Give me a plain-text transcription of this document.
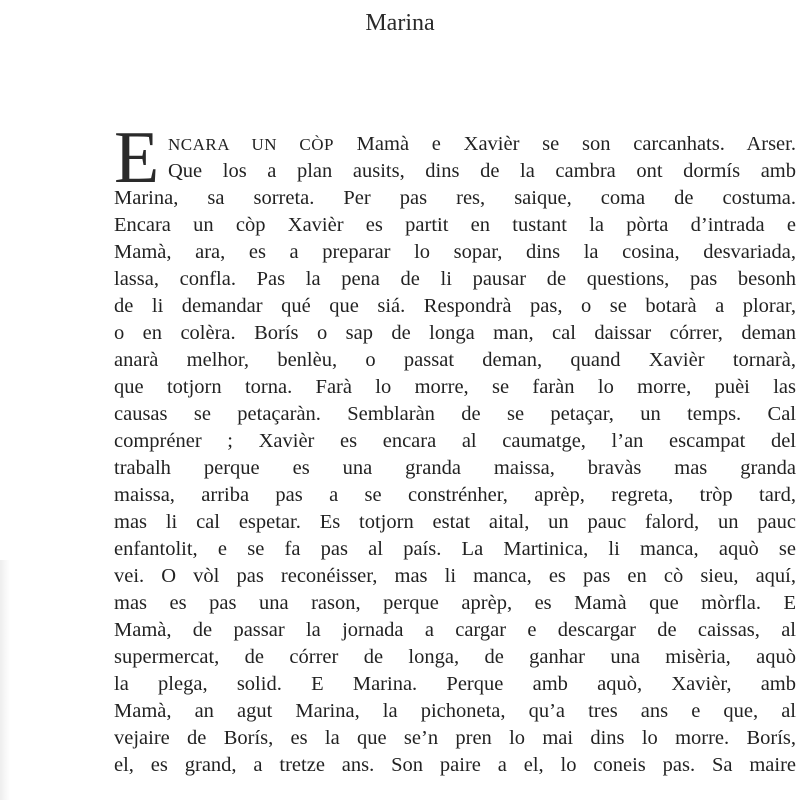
Marina
E NCARA UN CÒP Mamà e Xavièr se son carcanhats. Arser.
Que los a plan ausits, dins de la cambra ont dormís amb
Marina, sa sorreta. Per pas res, saique, coma de costuma.
Encara un còp Xavièr es partit en tustant la pòrta d’intrada e
Mamà, ara, es a preparar lo sopar, dins la cosina, desvariada,
lassa, confla. Pas la pena de li pausar de questions, pas besonh
de li demandar qué que siá. Respondrà pas, o se botarà a plorar,
o en colèra. Borís o sap de longa man, cal daissar córrer, deman
anarà melhor, benlèu, o passat deman, quand Xavièr tornarà,
que totjorn torna. Farà lo morre, se faràn lo morre, puèi las
causas se petaçaràn. Semblaràn de se petaçar, un temps. Cal
compréner ; Xavièr es encara al caumatge, l’an escampat del
trabalh perque es una granda maissa, bravàs mas granda
maissa, arriba pas a se constrénher, aprèp, regreta, tròp tard,
mas li cal espetar. Es totjorn estat aital, un pauc falord, un pauc
enfantolit, e se fa pas al país. La Martinica, li manca, aquò se
vei. O vòl pas reconéisser, mas li manca, es pas en cò sieu, aquí,
mas es pas una rason, perque aprèp, es Mamà que mòrfla. E
Mamà, de passar la jornada a cargar e descargar de caissas, al
supermercat, de córrer de longa, de ganhar una misèria, aquò
la plega, solid. E Marina. Perque amb aquò, Xavièr, amb
Mamà, an agut Marina, la pichoneta, qu’a tres ans e que, al
vejaire de Borís, es la que se’n pren lo mai dins lo morre. Borís,
el, es grand, a tretze ans. Son paire a el, lo coneis pas. Sa maire
